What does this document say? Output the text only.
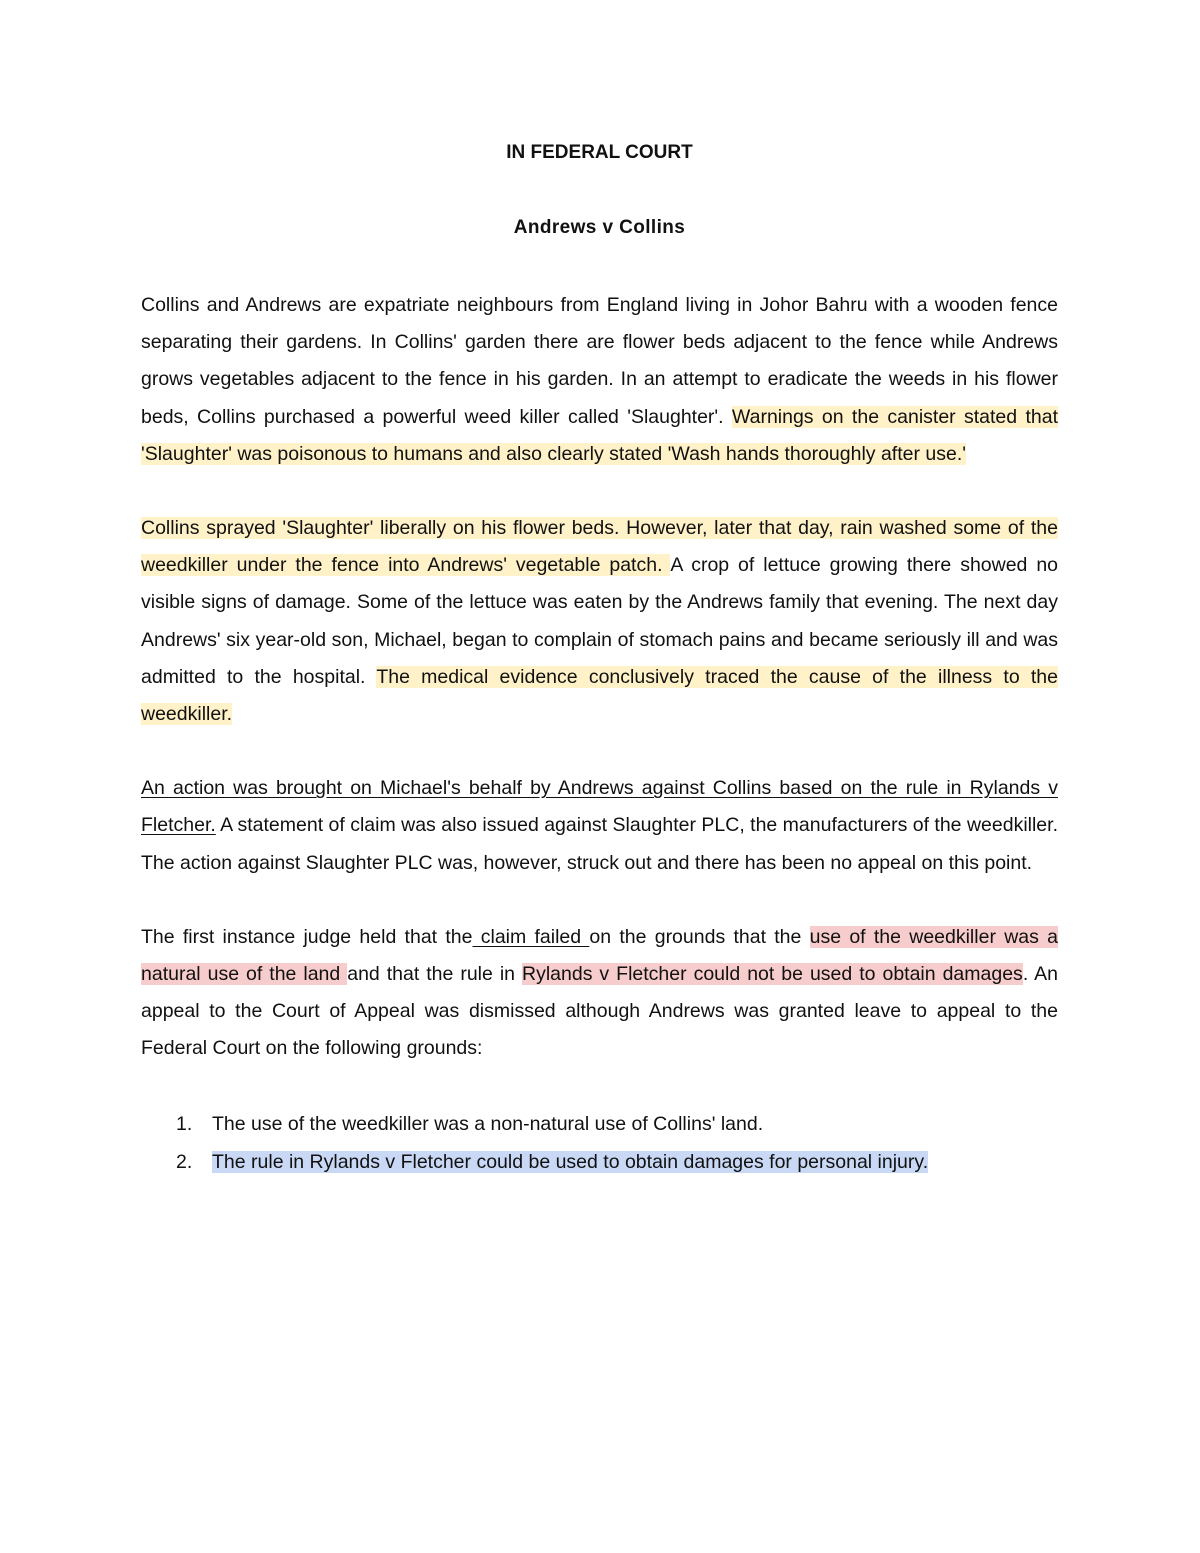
IN FEDERAL COURT
Andrews v Collins

Collins and Andrews are expatriate neighbours from England living in Johor Bahru with a wooden fence separating their gardens. In Collins' garden there are flower beds adjacent to the fence while Andrews grows vegetables adjacent to the fence in his garden. In an attempt to eradicate the weeds in his flower beds, Collins purchased a powerful weed killer called 'Slaughter'. Warnings on the canister stated that 'Slaughter' was poisonous to humans and also clearly stated 'Wash hands thoroughly after use.'

Collins sprayed 'Slaughter' liberally on his flower beds. However, later that day, rain washed some of the weedkiller under the fence into Andrews' vegetable patch. A crop of lettuce growing there showed no visible signs of damage. Some of the lettuce was eaten by the Andrews family that evening. The next day Andrews' six year-old son, Michael, began to complain of stomach pains and became seriously ill and was admitted to the hospital. The medical evidence conclusively traced the cause of the illness to the weedkiller.

An action was brought on Michael's behalf by Andrews against Collins based on the rule in Rylands v Fletcher. A statement of claim was also issued against Slaughter PLC, the manufacturers of the weedkiller. The action against Slaughter PLC was, however, struck out and there has been no appeal on this point.

The first instance judge held that the claim failed on the grounds that the use of the weedkiller was a natural use of the land and that the rule in Rylands v Fletcher could not be used to obtain damages. An appeal to the Court of Appeal was dismissed although Andrews was granted leave to appeal to the Federal Court on the following grounds:

1. The use of the weedkiller was a non-natural use of Collins' land.
2. The rule in Rylands v Fletcher could be used to obtain damages for personal injury.
